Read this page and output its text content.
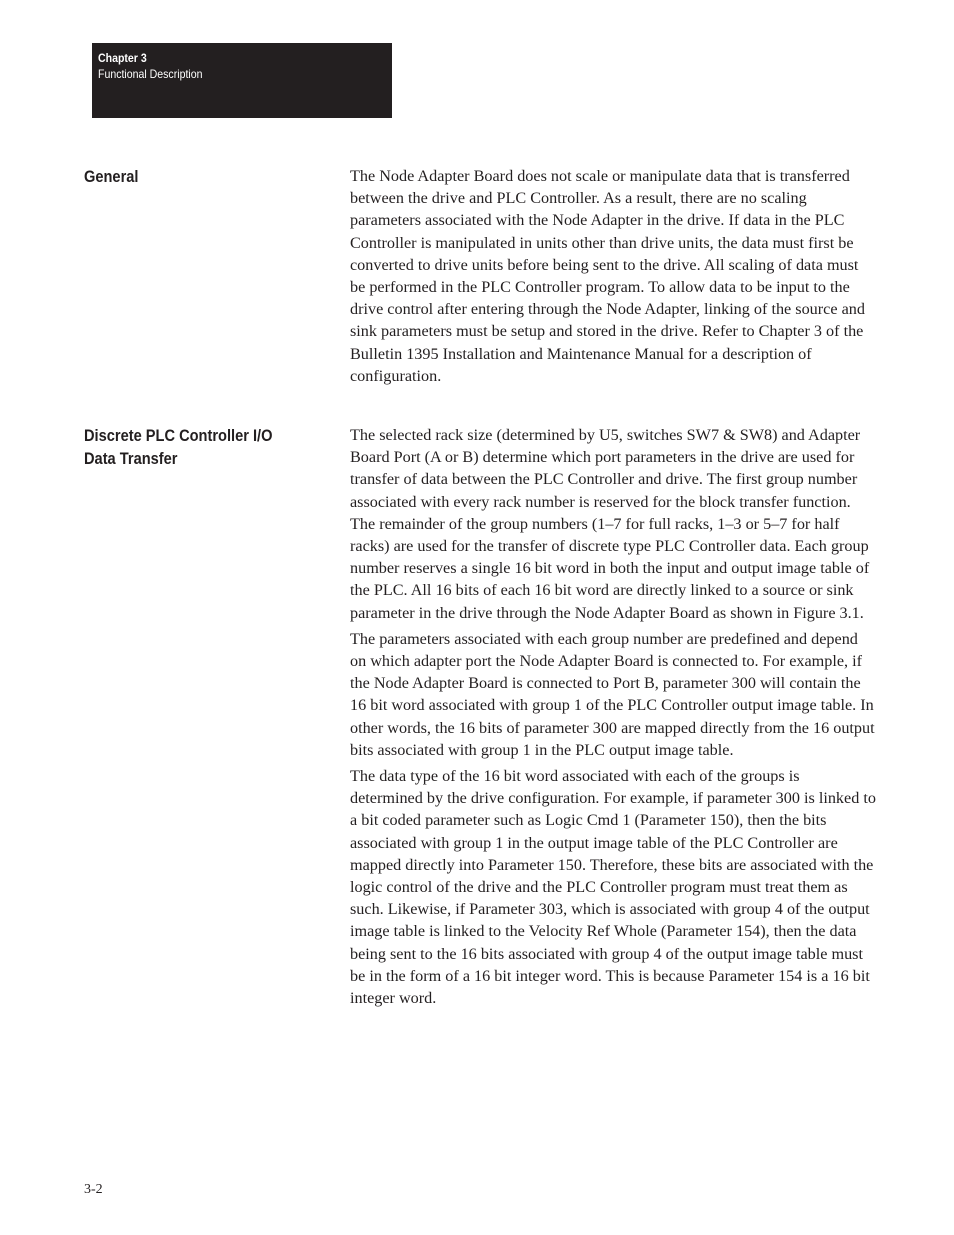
Chapter 3
Functional Description
General	The Node Adapter Board does not scale or manipulate data that is transferred between the drive and PLC Controller. As a result, there are no scaling parameters associated with the Node Adapter in the drive. If data in the PLC Controller is manipulated in units other than drive units, the data must first be converted to drive units before being sent to the drive. All scaling of data must be performed in the PLC Controller program. To allow data to be input to the drive control after entering through the Node Adapter, linking of the source and sink parameters must be setup and stored in the drive. Refer to Chapter 3 of the Bulletin 1395 Installation and Maintenance Manual for a description of configuration.

Discrete PLC Controller I/O
Data Transfer

The selected rack size (determined by U5, switches SW7 & SW8) and Adapter Board Port (A or B) determine which port parameters in the drive are used for transfer of data between the PLC Controller and drive. The first group number associated with every rack number is reserved for the block transfer function. The remainder of the group numbers (1–7 for full racks, 1–3 or 5–7 for half racks) are used for the transfer of discrete type PLC Controller data. Each group number reserves a single 16 bit word in both the input and output image table of the PLC. All 16 bits of each 16 bit word are directly linked to a source or sink parameter in the drive through the Node Adapter Board as shown in Figure 3.1.

The parameters associated with each group number are predefined and depend on which adapter port the Node Adapter Board is connected to. For example, if the Node Adapter Board is connected to Port B, parameter 300 will contain the 16 bit word associated with group 1 of the PLC Controller output image table. In other words, the 16 bits of parameter 300 are mapped directly from the 16 output bits associated with group 1 in the PLC output image table.

The data type of the 16 bit word associated with each of the groups is determined by the drive configuration. For example, if parameter 300 is linked to a bit coded parameter such as Logic Cmd 1 (Parameter 150), then the bits associated with group 1 in the output image table of the PLC Controller are mapped directly into Parameter 150. Therefore, these bits are associated with the logic control of the drive and the PLC Controller program must treat them as such. Likewise, if Parameter 303, which is associated with group 4 of the output image table is linked to the Velocity Ref Whole (Parameter 154), then the data being sent to the 16 bits associated with group 4 of the output image table must be in the form of a 16 bit integer word. This is because Parameter 154 is a 16 bit integer word.

3-2
